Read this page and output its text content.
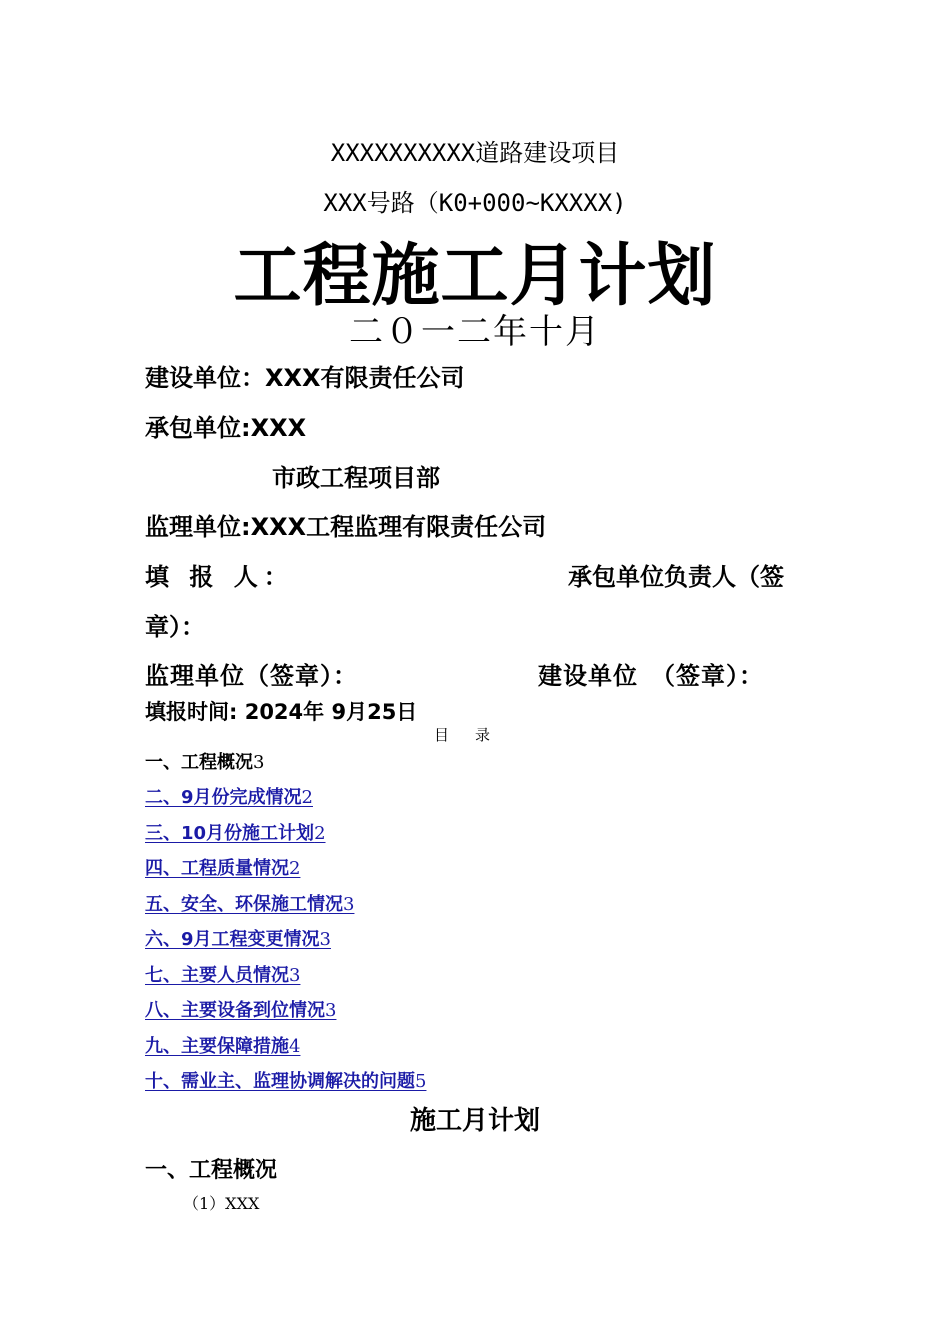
XXXXXXXXXX道路建设项目
XXX号路（K0+000~KXXXX)
工程施工月计划
二０一二年十月
建设单位：XXX有限责任公司
承包单位:XXX
市政工程项目部
监理单位:XXX工程监理有限责任公司
填 报 人：	承包单位负责人（签
章）：
监理单位（签章）：	建设单位　（签章）：
填报时间: 2024年 9月25日
目录
一、工程概况3
二、9月份完成情况2
三、10月份施工计划2
四、工程质量情况2
五、安全、环保施工情况3
六、9月工程变更情况3
七、主要人员情况3
八、主要设备到位情况3
九、主要保障措施4
十、需业主、监理协调解决的问题5
施工月计划
一、工程概况
（1）XXX
